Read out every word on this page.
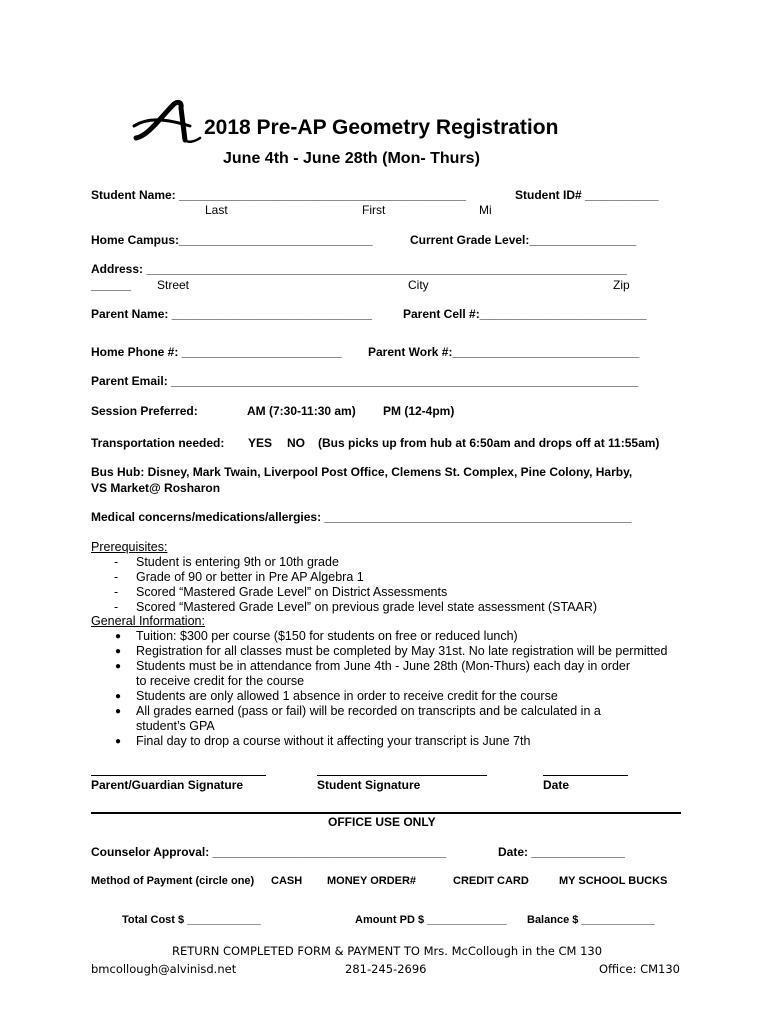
2018 Pre-AP Geometry Registration
June 4th - June 28th (Mon- Thurs)
Student Name: ___________________________________________	Student ID# ___________
Last	First	Mi
Home Campus:_____________________________	Current Grade Level:________________
Address: ________________________________________________________________________
______ Street	City	Zip
Parent Name: ______________________________	Parent Cell #:_________________________
Home Phone #: ________________________ Parent Work #:____________________________
Parent Email: ______________________________________________________________________
Session Preferred:	AM (7:30-11:30 am) PM (12-4pm)
Transportation needed: YES NO (Bus picks up from hub at 6:50am and drops off at 11:55am)
Bus Hub: Disney, Mark Twain, Liverpool Post Office, Clemens St. Complex, Pine Colony, Harby,
VS Market@ Rosharon
Medical concerns/medications/allergies: ______________________________________________
Prerequisites:
- Student is entering 9th or 10th grade
- Grade of 90 or better in Pre AP Algebra 1
- Scored “Mastered Grade Level” on District Assessments
- Scored “Mastered Grade Level” on previous grade level state assessment (STAAR)
General Information:
● Tuition: $300 per course ($150 for students on free or reduced lunch)
● Registration for all classes must be completed by May 31st. No late registration will be permitted
● Students must be in attendance from June 4th - June 28th (Mon-Thurs) each day in order to receive credit for the course
● Students are only allowed 1 absence in order to receive credit for the course
● All grades earned (pass or fail) will be recorded on transcripts and be calculated in a student’s GPA
● Final day to drop a course without it affecting your transcript is June 7th
Parent/Guardian Signature	Student Signature	Date
OFFICE USE ONLY
Counselor Approval: ___________________________________	Date: ______________
Method of Payment (circle one) CASH MONEY ORDER#	CREDIT CARD	MY SCHOOL BUCKS
Total Cost $ ____________	Amount PD $ _____________ Balance $ ____________
RETURN COMPLETED FORM & PAYMENT TO Mrs. McCollough in the CM 130
bmcollough@alvinisd.net	281-245-2696	Office: CM130
